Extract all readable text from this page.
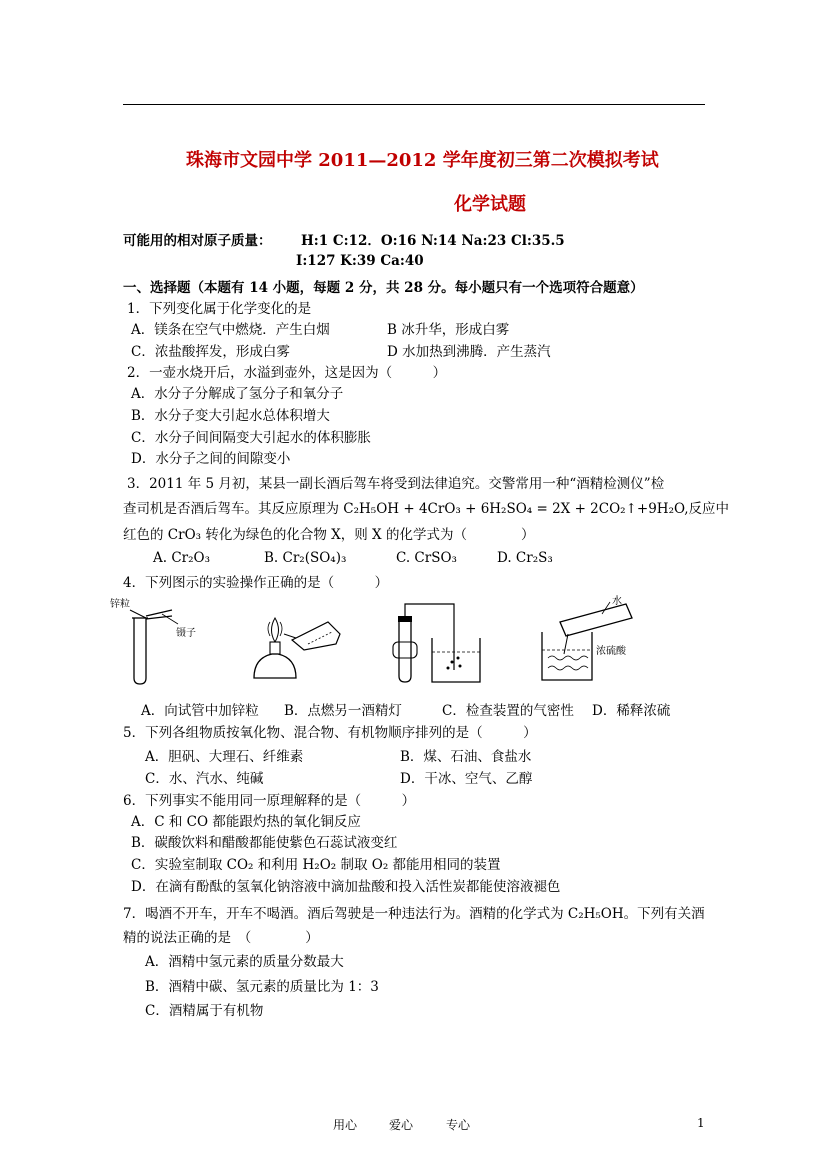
珠海市文园中学 2011—2012 学年度初三第二次模拟考试
化学试题
可能用的相对原子质量： H:1 C:12．O:16 N:14 Na:23 Cl:35.5
I:127 K:39 Ca:40
一、选择题（本题有 14 小题，每题 2 分，共 28 分。每小题只有一个选项符合题意）
1．下列变化属于化学变化的是
A．镁条在空气中燃烧．产生白烟	B 冰升华，形成白雾
C．浓盐酸挥发，形成白雾	D 水加热到沸腾．产生蒸汽
2．一壶水烧开后，水溢到壶外，这是因为（　　　）
A．水分子分解成了氢分子和氧分子
B．水分子变大引起水总体积增大
C．水分子间间隔变大引起水的体积膨胀
D．水分子之间的间隙变小
3．2011 年 5 月初，某县一副长酒后驾车将受到法律追究。交警常用一种“酒精检测仪”检
查司机是否酒后驾车。其反应原理为 C₂H₅OH + 4CrO₃ + 6H₂SO₄ = 2X + 2CO₂↑+9H₂O,反应中
红色的 CrO₃ 转化为绿色的化合物 X，则 X 的化学式为（　　　　）
A. Cr₂O₃	B. Cr₂(SO₄)₃	C. CrSO₃	D. Cr₂S₃
4．下列图示的实验操作正确的是（　　　）
锌粒
镊子
水
浓硫酸
A．向试管中加锌粒 B．点燃另一酒精灯	C．检查装置的气密性 D．稀释浓硫
5．下列各组物质按氧化物、混合物、有机物顺序排列的是（　　　）
A．胆矾、大理石、纤维素	B．煤、石油、食盐水
C．水、汽水、纯碱	D．干冰、空气、乙醇
6．下列事实不能用同一原理解释的是（　　　）
A．C 和 CO 都能跟灼热的氧化铜反应
B．碳酸饮料和醋酸都能使紫色石蕊试液变红
C．实验室制取 CO₂ 和利用 H₂O₂ 制取 O₂ 都能用相同的装置
D．在滴有酚酞的氢氧化钠溶液中滴加盐酸和投入活性炭都能使溶液褪色
7．喝酒不开车，开车不喝酒。酒后驾驶是一种违法行为。酒精的化学式为 C₂H₅OH。下列有关酒
精的说法正确的是　（　　　　）
A．酒精中氢元素的质量分数最大
B．酒精中碳、氢元素的质量比为 1：3
C．酒精属于有机物
用心	爱心	专心	1
